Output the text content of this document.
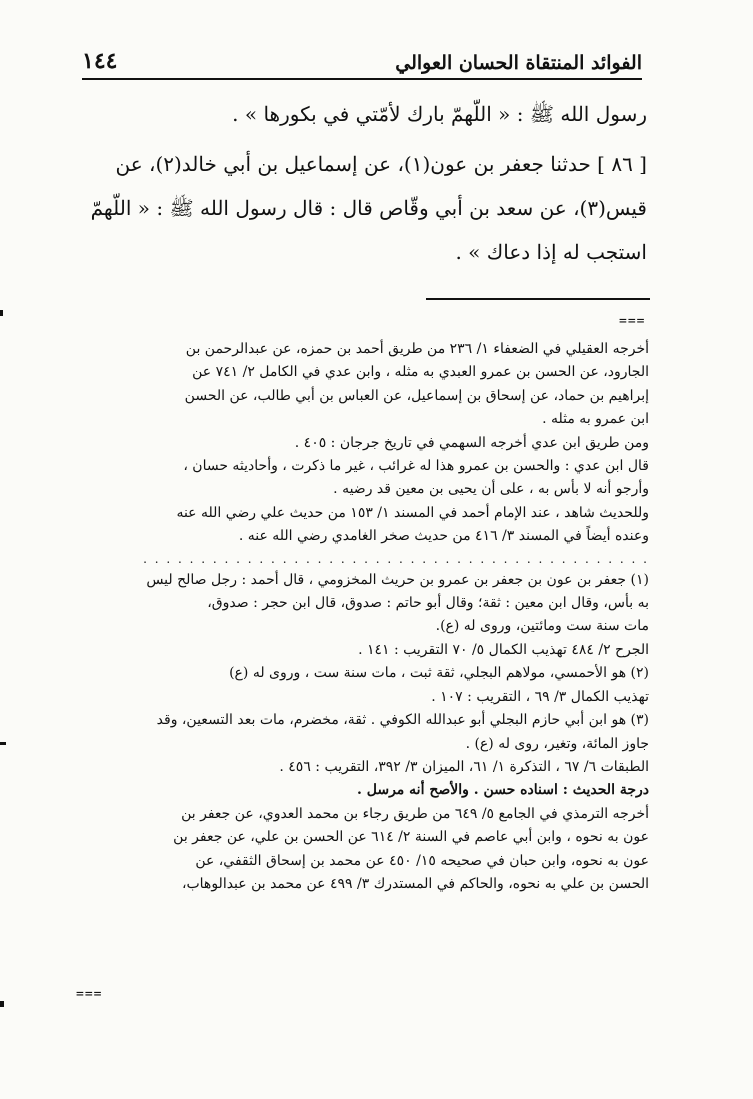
الفوائد المنتقاة الحسان العوالي
١٤٤
رسول الله ﷺ : « اللّهمّ بارك لأمّتي في بكورها » .
[ ٨٦ ] حدثنا جعفر بن عون(١)، عن إسماعيل بن أبي خالد(٢)، عن
قيس(٣)، عن سعد بن أبي وقّاص قال : قال رسول الله ﷺ : « اللّهمّ
استجب له إذا دعاك » .
===
أخرجه العقيلي في الضعفاء ١/ ٢٣٦ من طريق أحمد بن حمزه، عن عبدالرحمن بن
الجارود، عن الحسن بن عمرو العبدي به مثله ، وابن عدي في الكامل ٢/ ٧٤١ عن
إبراهيم بن حماد، عن إسحاق بن إسماعيل، عن العباس بن أبي طالب، عن الحسن
ابن عمرو به مثله .
ومن طريق ابن عدي أخرجه السهمي في تاريخ جرجان : ٤٠٥ .
قال ابن عدي : والحسن بن عمرو هذا له غرائب ، غير ما ذكرت ، وأحاديثه حسان ،
وأرجو أنه لا بأس به ، على أن يحيى بن معين قد رضيه .
وللحديث شاهد ، عند الإمام أحمد في المسند ١/ ١٥٣ من حديث علي رضي الله عنه
وعنده أيضاً في المسند ٣/ ٤١٦ من حديث صخر الغامدي رضي الله عنه .
. . . . . . . . . . . . . . . . . . . . . . . . . . . . . . . . . . . . . . . . . . . .
(١) جعفر بن عون بن جعفر بن عمرو بن حريث المخزومي ، قال أحمد : رجل صالح ليس
به بأس، وقال ابن معين : ثقة؛ وقال أبو حاتم : صدوق، قال ابن حجر : صدوق،
مات سنة ست ومائتين، وروى له (ع).
الجرح ٢/ ٤٨٤ تهذيب الكمال ٥/ ٧٠ التقريب : ١٤١ .
(٢) هو الأحمسي، مولاهم البجلي، ثقة ثبت ، مات سنة ست ، وروى له (ع)
تهذيب الكمال ٣/ ٦٩ ، التقريب : ١٠٧ .
(٣) هو ابن أبي حازم البجلي أبو عبدالله الكوفي . ثقة، مخضرم، مات بعد التسعين، وقد
جاوز المائة، وتغير، روى له (ع) .
الطبقات ٦/ ٦٧ ، التذكرة ١/ ٦١، الميزان ٣/ ٣٩٢، التقريب : ٤٥٦ .
درجة الحديث : اسناده حسن . والأصح أنه مرسل .
أخرجه الترمذي في الجامع ٥/ ٦٤٩ من طريق رجاء بن محمد العدوي، عن جعفر بن
عون به نحوه ، وابن أبي عاصم في السنة ٢/ ٦١٤ عن الحسن بن علي، عن جعفر بن
عون به نحوه، وابن حبان في صحيحه ١٥/ ٤٥٠ عن محمد بن إسحاق الثقفي، عن
الحسن بن علي به نحوه، والحاكم في المستدرك ٣/ ٤٩٩ عن محمد بن عبدالوهاب،
===
